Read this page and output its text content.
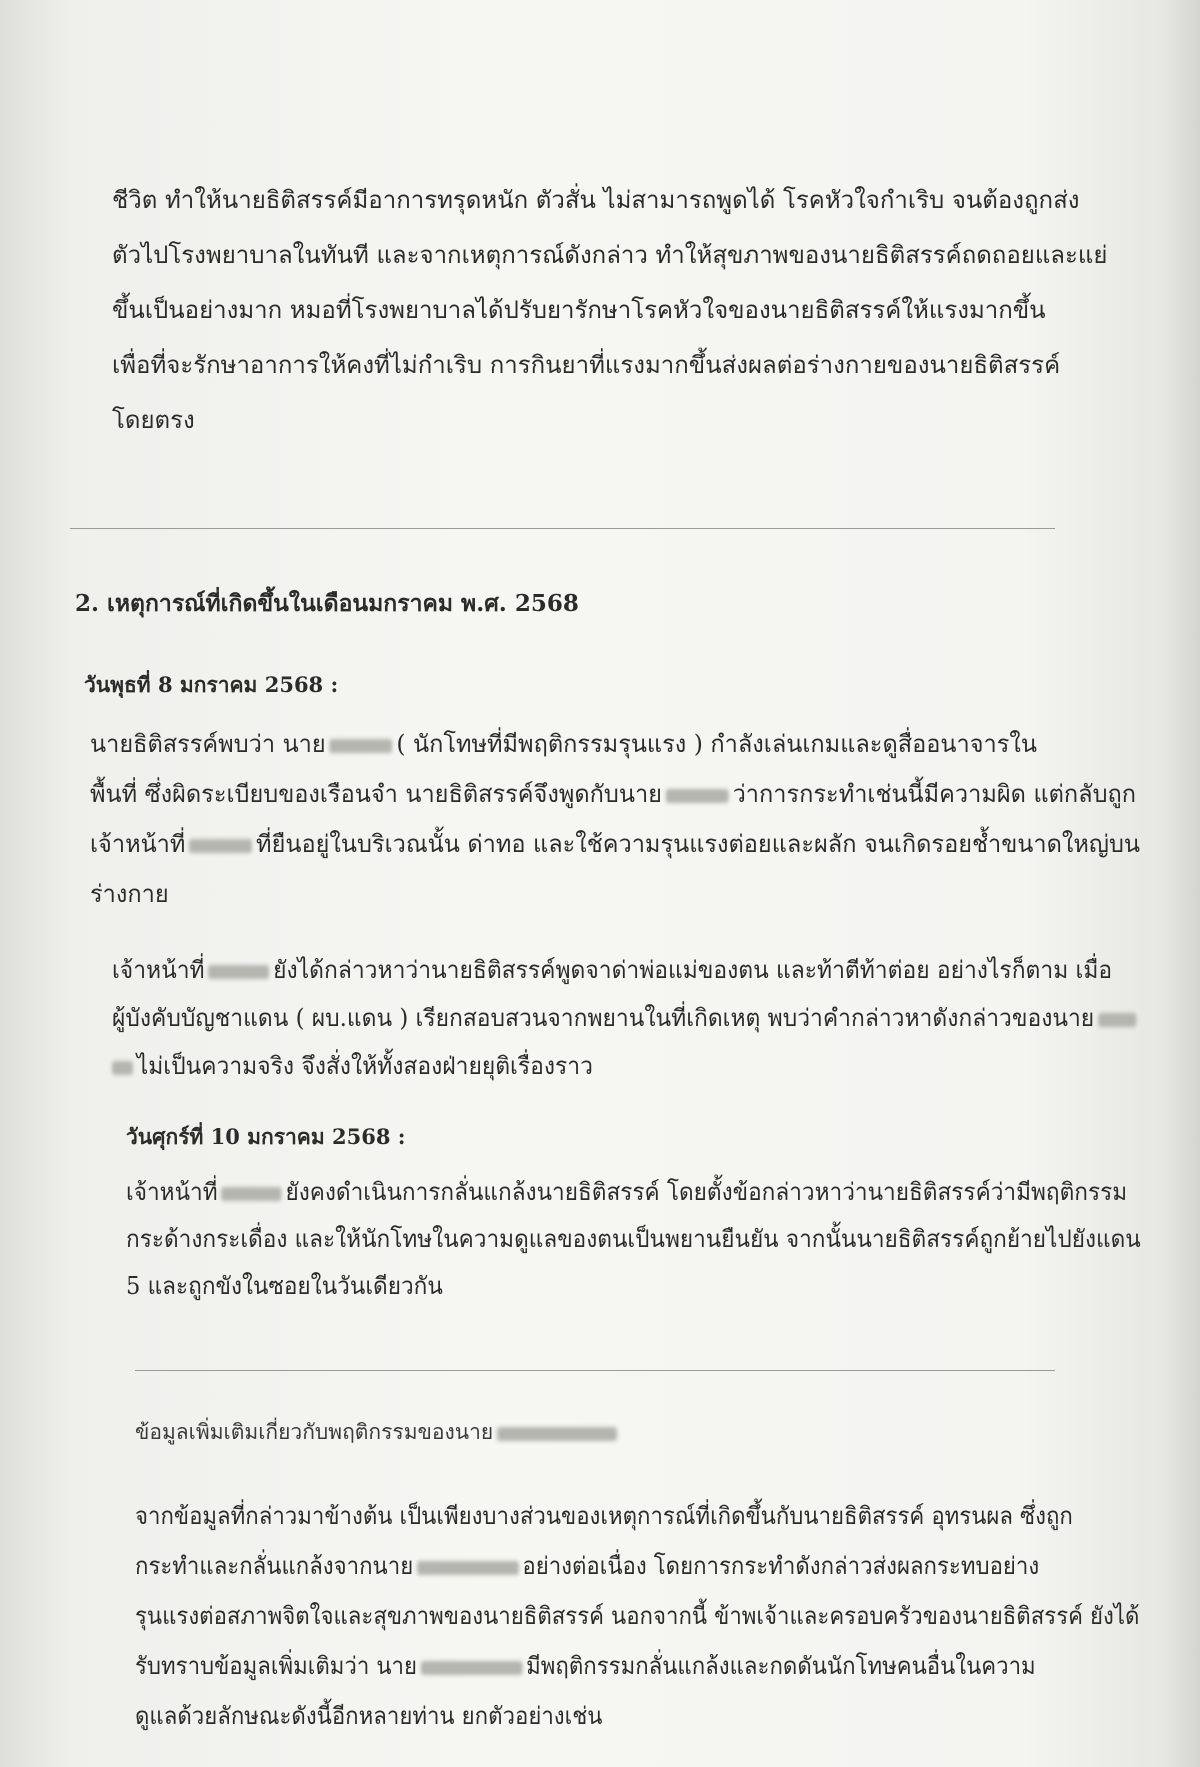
ชีวิต ทำให้นายธิติสรรค์มีอาการทรุดหนัก ตัวสั่น ไม่สามารถพูดได้ โรคหัวใจกำเริบ จนต้องถูกส่ง

ตัวไปโรงพยาบาลในทันที และจากเหตุการณ์ดังกล่าว ทำให้สุขภาพของนายธิติสรรค์ถดถอยและแย่

ขึ้นเป็นอย่างมาก หมอที่โรงพยาบาลได้ปรับยารักษาโรคหัวใจของนายธิติสรรค์ให้แรงมากขึ้น

เพื่อที่จะรักษาอาการให้คงที่ไม่กำเริบ การกินยาที่แรงมากขึ้นส่งผลต่อร่างกายของนายธิติสรรค์

โดยตรง

2. เหตุการณ์ที่เกิดขึ้นในเดือนมกราคม พ.ศ. 2568
วันพุธที่ 8 มกราคม 2568 :

นายธิติสรรค์พบว่า นาย	( นักโทษที่มีพฤติกรรมรุนแรง ) กำลังเล่นเกมและดูสื่ออนาจารใน

พื้นที่ ซึ่งผิดระเบียบของเรือนจำ นายธิติสรรค์จึงพูดกับนาย	ว่าการกระทำเช่นนี้มีความผิด แต่กลับถูก

เจ้าหน้าที่	ที่ยืนอยู่ในบริเวณนั้น ด่าทอ และใช้ความรุนแรงต่อยและผลัก จนเกิดรอยช้ำขนาดใหญ่บน

ร่างกาย

เจ้าหน้าที่	ยังได้กล่าวหาว่านายธิติสรรค์พูดจาด่าพ่อแม่ของตน และท้าตีท้าต่อย อย่างไรก็ตาม เมื่อ

ผู้บังคับบัญชาแดน ( ผบ.แดน ) เรียกสอบสวนจากพยานในที่เกิดเหตุ พบว่าคำกล่าวหาดังกล่าวของนาย

ไม่เป็นความจริง จึงสั่งให้ทั้งสองฝ่ายยุติเรื่องราว

วันศุกร์ที่ 10 มกราคม 2568 :

เจ้าหน้าที่	ยังคงดำเนินการกลั่นแกล้งนายธิติสรรค์ โดยตั้งข้อกล่าวหาว่านายธิติสรรค์ว่ามีพฤติกรรม

กระด้างกระเดื่อง และให้นักโทษในความดูแลของตนเป็นพยานยืนยัน จากนั้นนายธิติสรรค์ถูกย้ายไปยังแดน

5 และถูกขังในซอยในวันเดียวกัน

ข้อมูลเพิ่มเติมเกี่ยวกับพฤติกรรมของนาย

จากข้อมูลที่กล่าวมาข้างต้น เป็นเพียงบางส่วนของเหตุการณ์ที่เกิดขึ้นกับนายธิติสรรค์ อุทรนผล ซึ่งถูก

กระทำและกลั่นแกล้งจากนาย	อย่างต่อเนื่อง โดยการกระทำดังกล่าวส่งผลกระทบอย่าง

รุนแรงต่อสภาพจิตใจและสุขภาพของนายธิติสรรค์ นอกจากนี้ ข้าพเจ้าและครอบครัวของนายธิติสรรค์ ยังได้

รับทราบข้อมูลเพิ่มเติมว่า นาย	มีพฤติกรรมกลั่นแกล้งและกดดันนักโทษคนอื่นในความ

ดูแลด้วยลักษณะดังนี้อีกหลายท่าน ยกตัวอย่างเช่น
